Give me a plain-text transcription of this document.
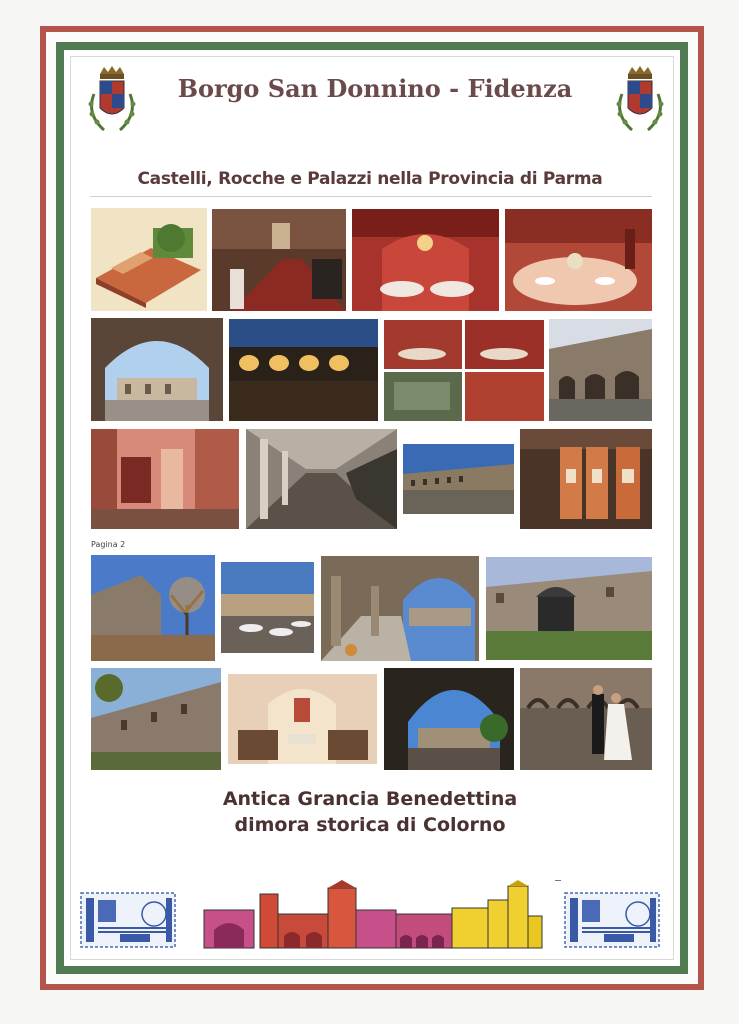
Borgo San Donnino - Fidenza
Castelli, Rocche e Palazzi nella Provincia di Parma
Pagina 2
Antica Grancia Benedettina
dimora storica di Colorno
